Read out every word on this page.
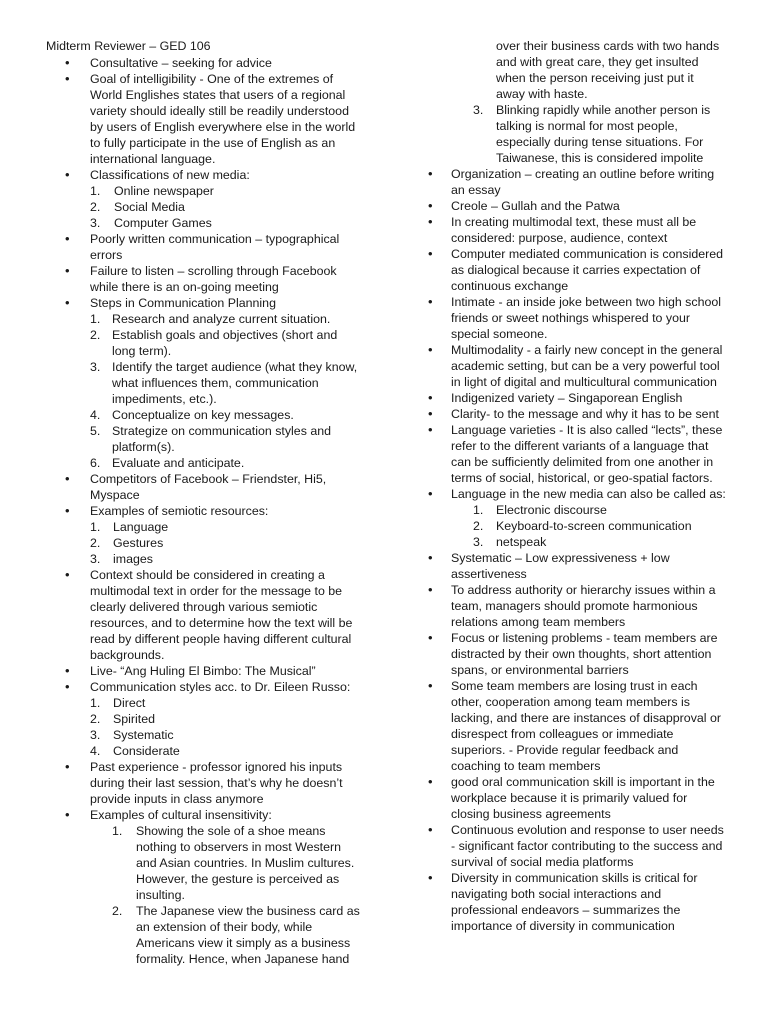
Midterm Reviewer – GED 106
• Consultative – seeking for advice
• Goal of intelligibility - One of the extremes of World Englishes states that users of a regional variety should ideally still be readily understood by users of English everywhere else in the world to fully participate in the use of English as an international language.
• Classifications of new media:
1. Online newspaper
2. Social Media
3. Computer Games
• Poorly written communication – typographical errors
• Failure to listen – scrolling through Facebook while there is an on-going meeting
• Steps in Communication Planning
1. Research and analyze current situation.
2. Establish goals and objectives (short and long term).
3. Identify the target audience (what they know, what influences them, communication impediments, etc.).
4. Conceptualize on key messages.
5. Strategize on communication styles and platform(s).
6. Evaluate and anticipate.
• Competitors of Facebook – Friendster, Hi5, Myspace
• Examples of semiotic resources:
1. Language
2. Gestures
3. images
• Context should be considered in creating a multimodal text in order for the message to be clearly delivered through various semiotic resources, and to determine how the text will be read by different people having different cultural backgrounds.
• Live- “Ang Huling El Bimbo: The Musical”
• Communication styles acc. to Dr. Eileen Russo:
1. Direct
2. Spirited
3. Systematic
4. Considerate
• Past experience - professor ignored his inputs during their last session, that’s why he doesn’t provide inputs in class anymore
• Examples of cultural insensitivity:
1. Showing the sole of a shoe means nothing to observers in most Western and Asian countries. In Muslim cultures. However, the gesture is perceived as insulting.
2. The Japanese view the business card as an extension of their body, while Americans view it simply as a business formality. Hence, when Japanese hand
over their business cards with two hands and with great care, they get insulted when the person receiving just put it away with haste.
3. Blinking rapidly while another person is talking is normal for most people, especially during tense situations. For Taiwanese, this is considered impolite
• Organization – creating an outline before writing an essay
• Creole – Gullah and the Patwa
• In creating multimodal text, these must all be considered: purpose, audience, context
• Computer mediated communication is considered as dialogical because it carries expectation of continuous exchange
• Intimate - an inside joke between two high school friends or sweet nothings whispered to your special someone.
• Multimodality - a fairly new concept in the general academic setting, but can be a very powerful tool in light of digital and multicultural communication
• Indigenized variety – Singaporean English
• Clarity- to the message and why it has to be sent
• Language varieties - It is also called “lects”, these refer to the different variants of a language that can be sufficiently delimited from one another in terms of social, historical, or geo-spatial factors.
• Language in the new media can also be called as:
1. Electronic discourse
2. Keyboard-to-screen communication
3. netspeak
• Systematic – Low expressiveness + low assertiveness
• To address authority or hierarchy issues within a team, managers should promote harmonious relations among team members
• Focus or listening problems - team members are distracted by their own thoughts, short attention spans, or environmental barriers
• Some team members are losing trust in each other, cooperation among team members is lacking, and there are instances of disapproval or disrespect from colleagues or immediate superiors. - Provide regular feedback and coaching to team members
• good oral communication skill is important in the workplace because it is primarily valued for closing business agreements
• Continuous evolution and response to user needs - significant factor contributing to the success and survival of social media platforms
• Diversity in communication skills is critical for navigating both social interactions and professional endeavors – summarizes the importance of diversity in communication
